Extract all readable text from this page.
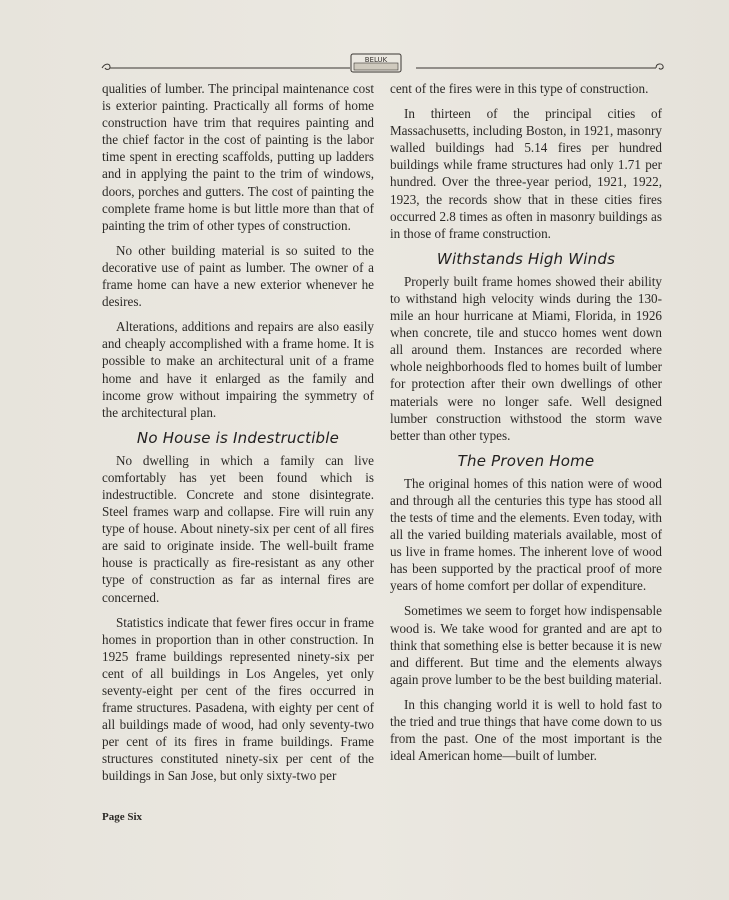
BELUK

qualities of lumber. The principal maintenance cost is exterior painting. Practically all forms of home construction have trim that requires painting and the chief factor in the cost of painting is the labor time spent in erecting scaffolds, putting up ladders and in applying the paint to the trim of windows, doors, porches and gutters. The cost of painting the complete frame home is but little more than that of painting the trim of other types of construction.

No other building material is so suited to the decorative use of paint as lumber. The owner of a frame home can have a new exterior whenever he desires.

Alterations, additions and repairs are also easily and cheaply accomplished with a frame home. It is possible to make an architectural unit of a frame home and have it enlarged as the family and income grow without impairing the symmetry of the architectural plan.

No House is Indestructible

No dwelling in which a family can live comfortably has yet been found which is indestructible. Concrete and stone disintegrate. Steel frames warp and collapse. Fire will ruin any type of house. About ninety-six per cent of all fires are said to originate inside. The well-built frame house is practically as fire-resistant as any other type of construction as far as internal fires are concerned.

Statistics indicate that fewer fires occur in frame homes in proportion than in other construction. In 1925 frame buildings represented ninety-six per cent of all buildings in Los Angeles, yet only seventy-eight per cent of the fires occurred in frame structures. Pasadena, with eighty per cent of all buildings made of wood, had only seventy-two per cent of its fires in frame buildings. Frame structures constituted ninety-six per cent of the buildings in San Jose, but only sixty-two per

cent of the fires were in this type of construction.

In thirteen of the principal cities of Massachusetts, including Boston, in 1921, masonry walled buildings had 5.14 fires per hundred buildings while frame structures had only 1.71 per hundred. Over the three-year period, 1921, 1922, 1923, the records show that in these cities fires occurred 2.8 times as often in masonry buildings as in those of frame construction.

Withstands High Winds

Properly built frame homes showed their ability to withstand high velocity winds during the 130-mile an hour hurricane at Miami, Florida, in 1926 when concrete, tile and stucco homes went down all around them. Instances are recorded where whole neighborhoods fled to homes built of lumber for protection after their own dwellings of other materials were no longer safe. Well designed lumber construction withstood the storm wave better than other types.

The Proven Home

The original homes of this nation were of wood and through all the centuries this type has stood all the tests of time and the elements. Even today, with all the varied building materials available, most of us live in frame homes. The inherent love of wood has been supported by the practical proof of more years of home comfort per dollar of expenditure.

Sometimes we seem to forget how indispensable wood is. We take wood for granted and are apt to think that something else is better because it is new and different. But time and the elements always again prove lumber to be the best building material.

In this changing world it is well to hold fast to the tried and true things that have come down to us from the past. One of the most important is the ideal American home—built of lumber.

Page Six
